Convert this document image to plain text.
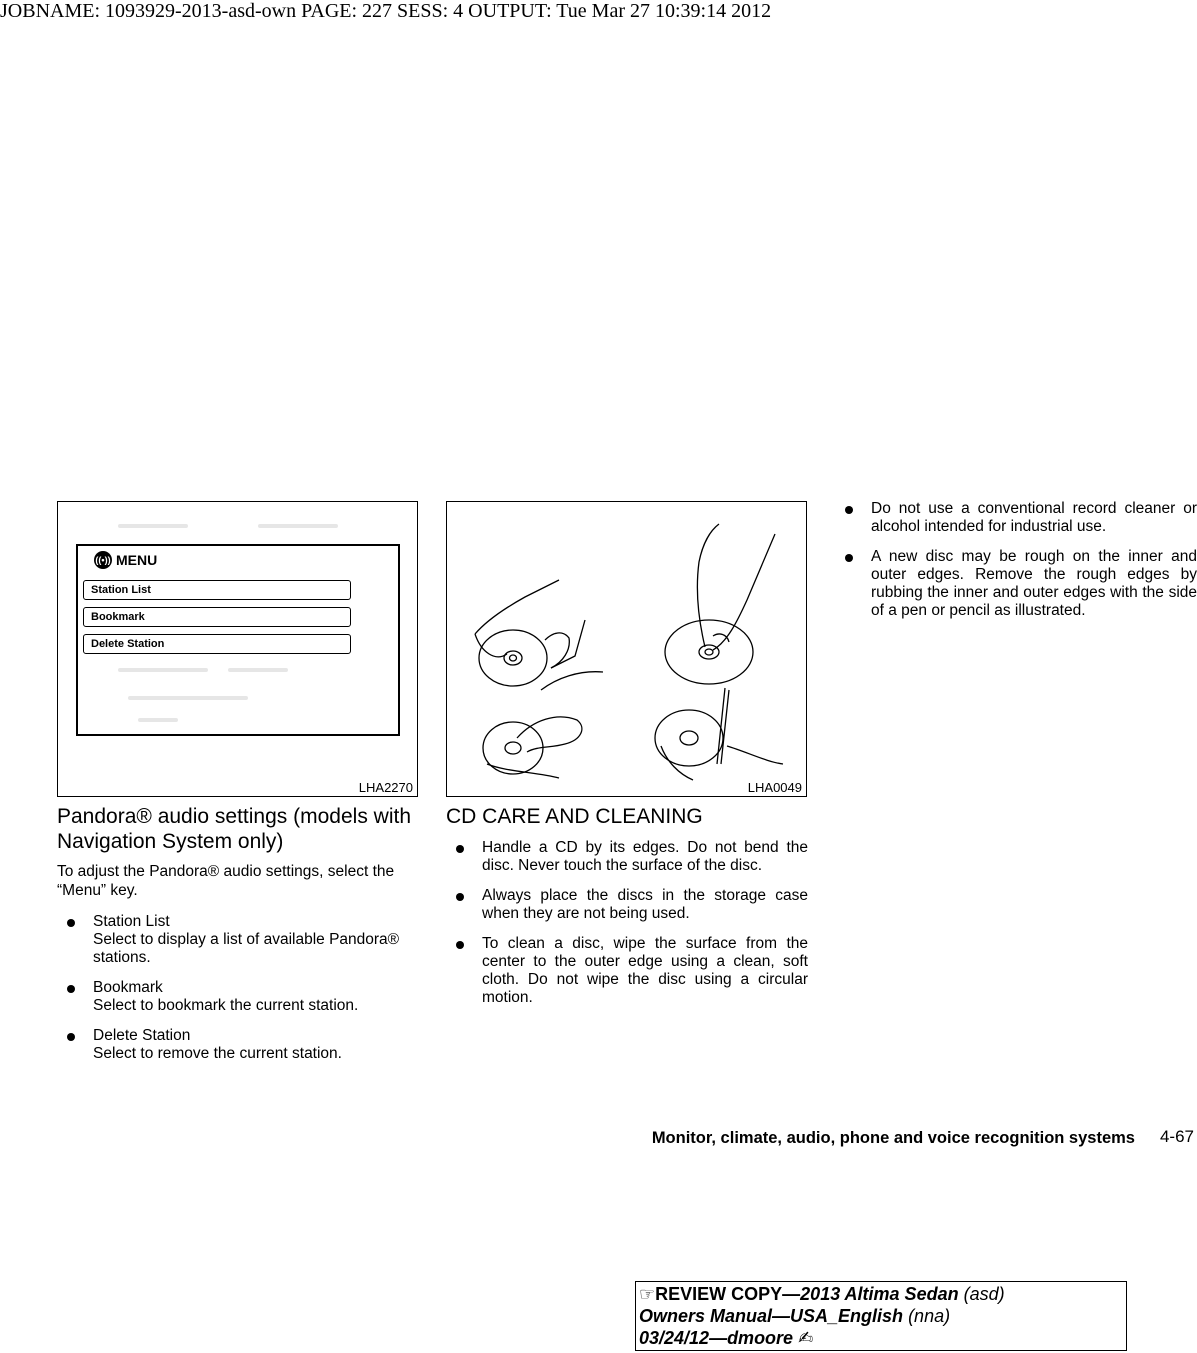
JOBNAME: 1093929-2013-asd-own PAGE: 227 SESS: 4 OUTPUT: Tue Mar 27 10:39:14 2012
((•)) MENU
Station List
Bookmark
Delete Station
LHA2270	LHA0049
Pandora® audio settings (models with Navigation System only)
To adjust the Pandora® audio settings, select the “Menu” key.
Station List
Select to display a list of available Pandora® stations.
Bookmark
Select to bookmark the current station.
Delete Station
Select to remove the current station.
CD CARE AND CLEANING
Handle a CD by its edges. Do not bend the disc. Never touch the surface of the disc.
Always place the discs in the storage case when they are not being used.
To clean a disc, wipe the surface from the center to the outer edge using a clean, soft cloth. Do not wipe the disc using a circular motion.
Do not use a conventional record cleaner or alcohol intended for industrial use.
A new disc may be rough on the inner and outer edges. Remove the rough edges by rubbing the inner and outer edges with the side of a pen or pencil as illustrated.
Monitor, climate, audio, phone and voice recognition systems 4-67
☞REVIEW COPY—2013 Altima Sedan (asd)
Owners Manual—USA_English (nna)
03/24/12—dmoore ✍
